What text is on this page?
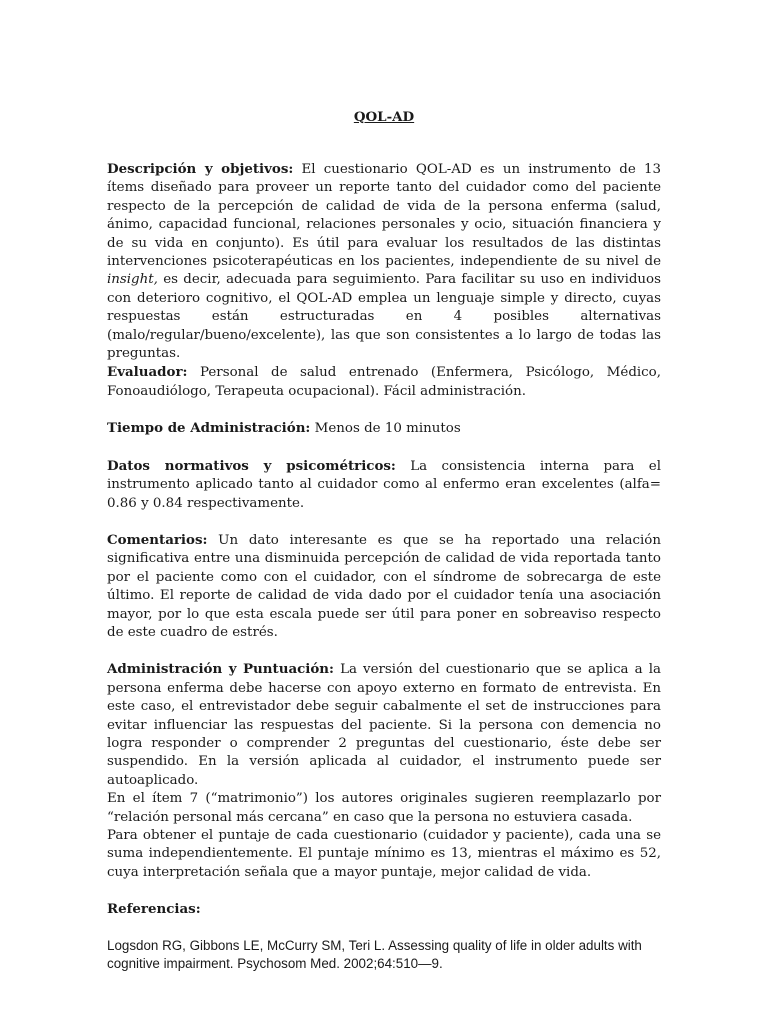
QOL-AD

Descripción y objetivos: El cuestionario QOL-AD es un instrumento de 13 ítems diseñado para proveer un reporte tanto del cuidador como del paciente respecto de la percepción de calidad de vida de la persona enferma (salud, ánimo, capacidad funcional, relaciones personales y ocio, situación financiera y de su vida en conjunto). Es útil para evaluar los resultados de las distintas intervenciones psicoterapéuticas en los pacientes, independiente de su nivel de insight, es decir, adecuada para seguimiento. Para facilitar su uso en individuos con deterioro cognitivo, el QOL-AD emplea un lenguaje simple y directo, cuyas respuestas están estructuradas en 4 posibles alternativas (malo/regular/bueno/excelente), las que son consistentes a lo largo de todas las preguntas.

Evaluador: Personal de salud entrenado (Enfermera, Psicólogo, Médico, Fonoaudiólogo, Terapeuta ocupacional). Fácil administración.

Tiempo de Administración: Menos de 10 minutos

Datos normativos y psicométricos: La consistencia interna para el instrumento aplicado tanto al cuidador como al enfermo eran excelentes (alfa= 0.86 y 0.84 respectivamente.

Comentarios: Un dato interesante es que se ha reportado una relación significativa entre una disminuida percepción de calidad de vida reportada tanto por el paciente como con el cuidador, con el síndrome de sobrecarga de este último. El reporte de calidad de vida dado por el cuidador tenía una asociación mayor, por lo que esta escala puede ser útil para poner en sobreaviso respecto de este cuadro de estrés.

Administración y Puntuación: La versión del cuestionario que se aplica a la persona enferma debe hacerse con apoyo externo en formato de entrevista. En este caso, el entrevistador debe seguir cabalmente el set de instrucciones para evitar influenciar las respuestas del paciente. Si la persona con demencia no logra responder o comprender 2 preguntas del cuestionario, éste debe ser suspendido. En la versión aplicada al cuidador, el instrumento puede ser autoaplicado.

En el ítem 7 (“matrimonio”) los autores originales sugieren reemplazarlo por “relación personal más cercana” en caso que la persona no estuviera casada.

Para obtener el puntaje de cada cuestionario (cuidador y paciente), cada una se suma independientemente. El puntaje mínimo es 13, mientras el máximo es 52, cuya interpretación señala que a mayor puntaje, mejor calidad de vida.

Referencias:

Logsdon RG, Gibbons LE, McCurry SM, Teri L. Assessing quality of life in older adults with cognitive impairment. Psychosom Med. 2002;64:510—9.
